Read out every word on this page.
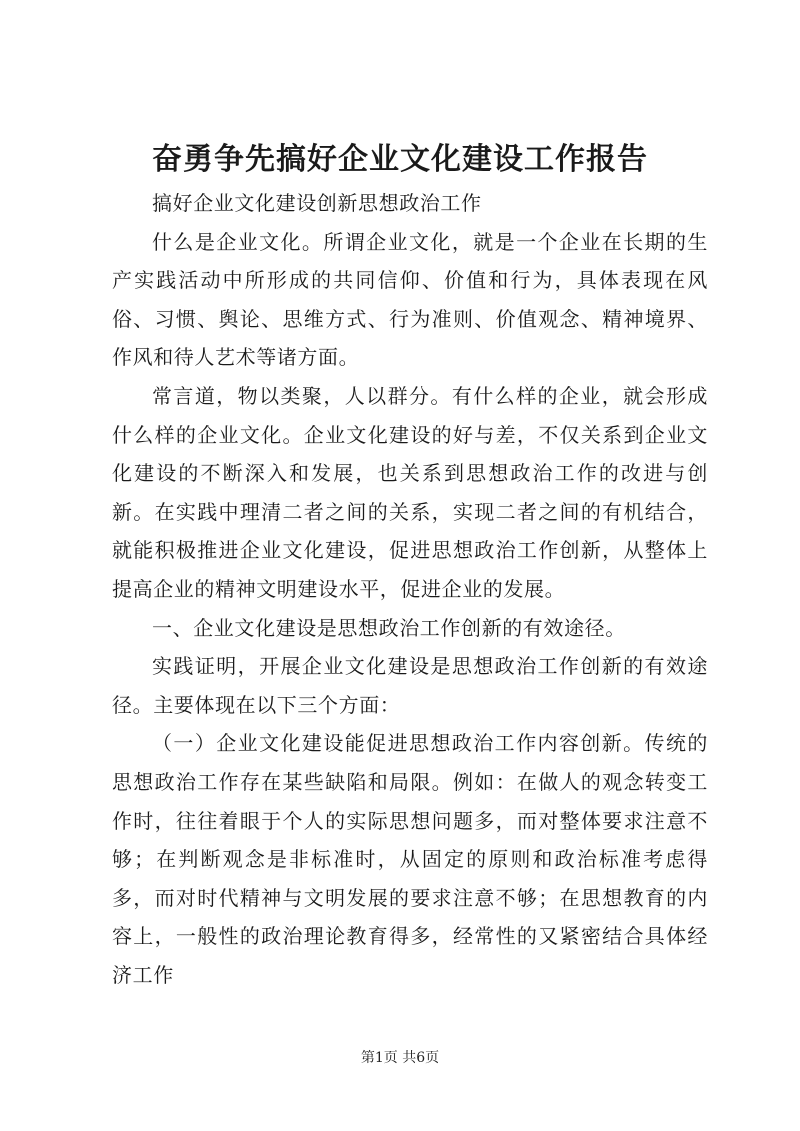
奋勇争先搞好企业文化建设工作报告

搞好企业文化建设创新思想政治工作

什么是企业文化。所谓企业文化，就是一个企业在长期的生产实践活动中所形成的共同信仰、价值和行为，具体表现在风俗、习惯、舆论、思维方式、行为准则、价值观念、精神境界、作风和待人艺术等诸方面。

常言道，物以类聚，人以群分。有什么样的企业，就会形成什么样的企业文化。企业文化建设的好与差，不仅关系到企业文化建设的不断深入和发展，也关系到思想政治工作的改进与创新。在实践中理清二者之间的关系，实现二者之间的有机结合，就能积极推进企业文化建设，促进思想政治工作创新，从整体上提高企业的精神文明建设水平，促进企业的发展。

一、企业文化建设是思想政治工作创新的有效途径。

实践证明，开展企业文化建设是思想政治工作创新的有效途径。主要体现在以下三个方面：

（一）企业文化建设能促进思想政治工作内容创新。传统的思想政治工作存在某些缺陷和局限。例如：在做人的观念转变工作时，往往着眼于个人的实际思想问题多，而对整体要求注意不够；在判断观念是非标准时，从固定的原则和政治标准考虑得多，而对时代精神与文明发展的要求注意不够；在思想教育的内容上，一般性的政治理论教育得多，经常性的又紧密结合具体经济工作

第1页 共6页
